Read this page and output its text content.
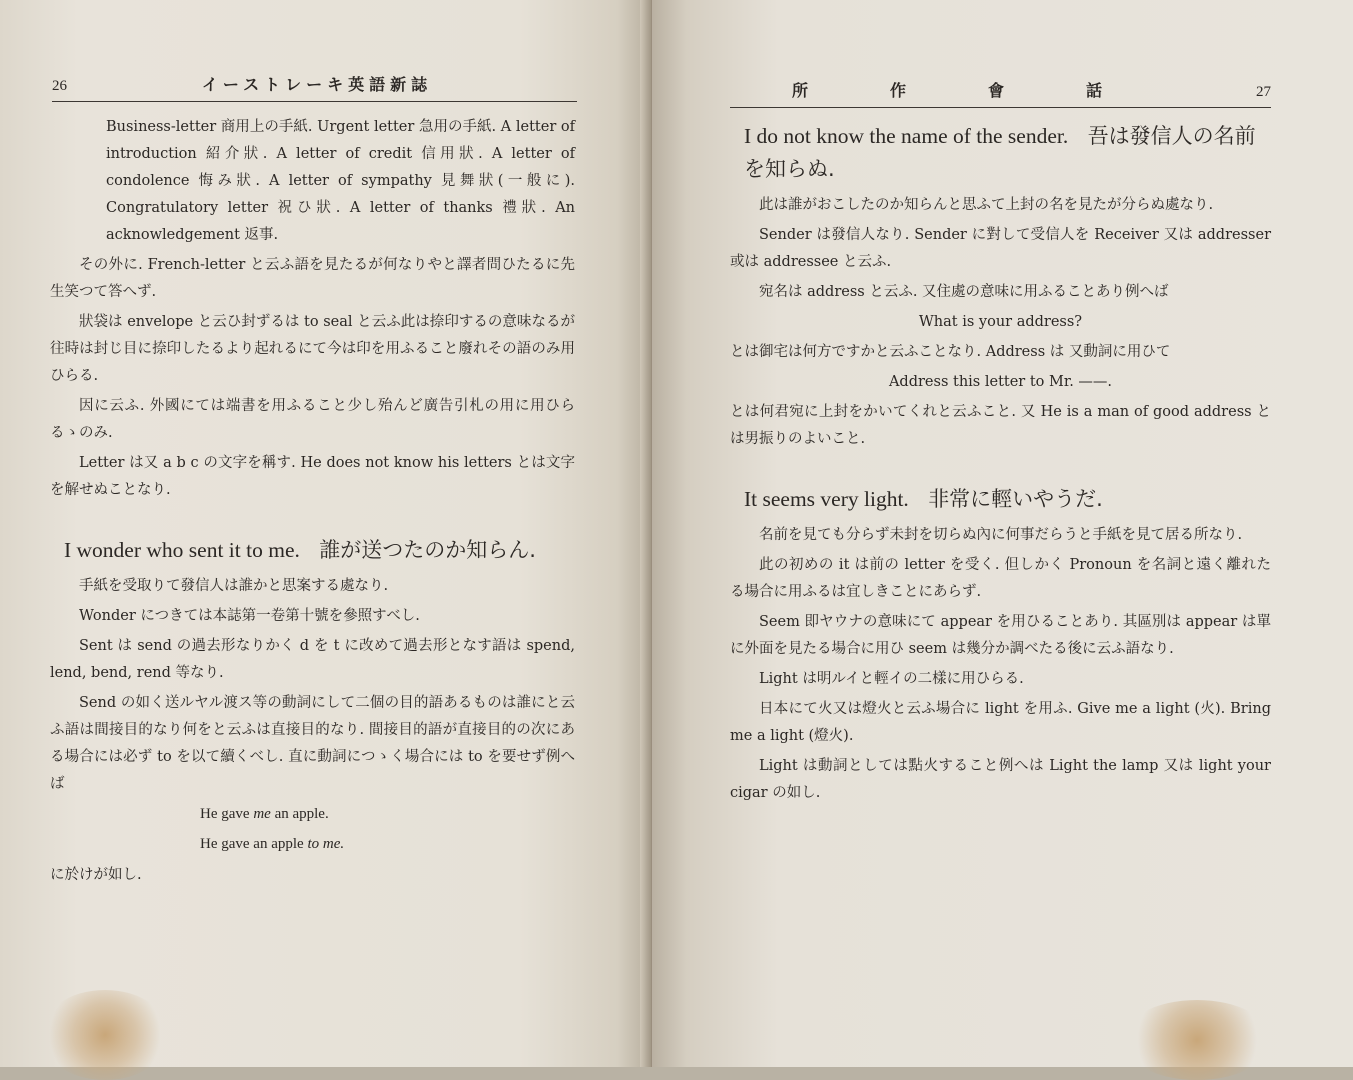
26	イーストレーキ英語新誌

Business-letter 商用上の手紙. Urgent letter 急用の手紙. A letter of introduction 紹介狀. A letter of credit 信用狀. A letter of condolence 悔み狀. A letter of sympathy 見舞狀(一般に). Congratulatory letter 祝ひ狀. A letter of thanks 禮狀. An acknowledgement 返事.

その外に. French-letter と云ふ語を見たるが何なりやと譯者問ひたるに先生笑つて答へず.

狀袋は envelope と云ひ封ずるは to seal と云ふ此は捺印するの意味なるが往時は封じ目に捺印したるより起れるにて今は印を用ふること廢れその語のみ用ひらる.

因に云ふ. 外國にては端書を用ふること少し殆んど廣告引札の用に用ひらるゝのみ.

Letter は又 a b c の文字を稱す. He does not know his letters とは文字を解せぬことなり.

I wonder who sent it to me. 誰が送つたのか知らん.

手紙を受取りて發信人は誰かと思案する處なり.

Wonder につきては本誌第一卷第十號を參照すべし.

Sent は send の過去形なりかく d を t に改めて過去形となす語は spend, lend, bend, rend 等なり.

Send の如く送ルヤル渡ス等の動詞にして二個の目的語あるものは誰にと云ふ語は間接目的なり何をと云ふは直接目的なり. 間接目的語が直接目的の次にある場合には必ず to を以て續くべし. 直に動詞につゝく場合には to を要せず例へば

He gave me an apple.

He gave an apple to me.

に於けが如し.

所	作	會	話	27
I do not know the name of the sender. 吾は發信人の名前を知らぬ.

此は誰がおこしたのか知らんと思ふて上封の名を見たが分らぬ處なり.

Sender は發信人なり. Sender に對して受信人を Receiver 又は addresser 或は addressee と云ふ.

宛名は address と云ふ. 又住處の意味に用ふることあり例へば

What is your address?

とは御宅は何方ですかと云ふことなり. Address は 又動詞に用ひて

Address this letter to Mr. ——.

とは何君宛に上封をかいてくれと云ふこと. 又 He is a man of good address とは男振りのよいこと.

It seems very light. 非常に輕いやうだ.

名前を見ても分らず未封を切らぬ內に何事だらうと手紙を見て居る所なり.

此の初めの it は前の letter を受く. 但しかく Pronoun を名詞と遠く離れたる場合に用ふるは宜しきことにあらず.

Seem 即ヤウナの意味にて appear を用ひることあり. 其區別は appear は單に外面を見たる場合に用ひ seem は幾分か調べたる後に云ふ語なり.

Light は明ルイと輕イの二樣に用ひらる.

日本にて火又は燈火と云ふ場合に light を用ふ. Give me a light (火). Bring me a light (燈火).

Light は動詞としては點火すること例へは Light the lamp 又は light your cigar の如し.
